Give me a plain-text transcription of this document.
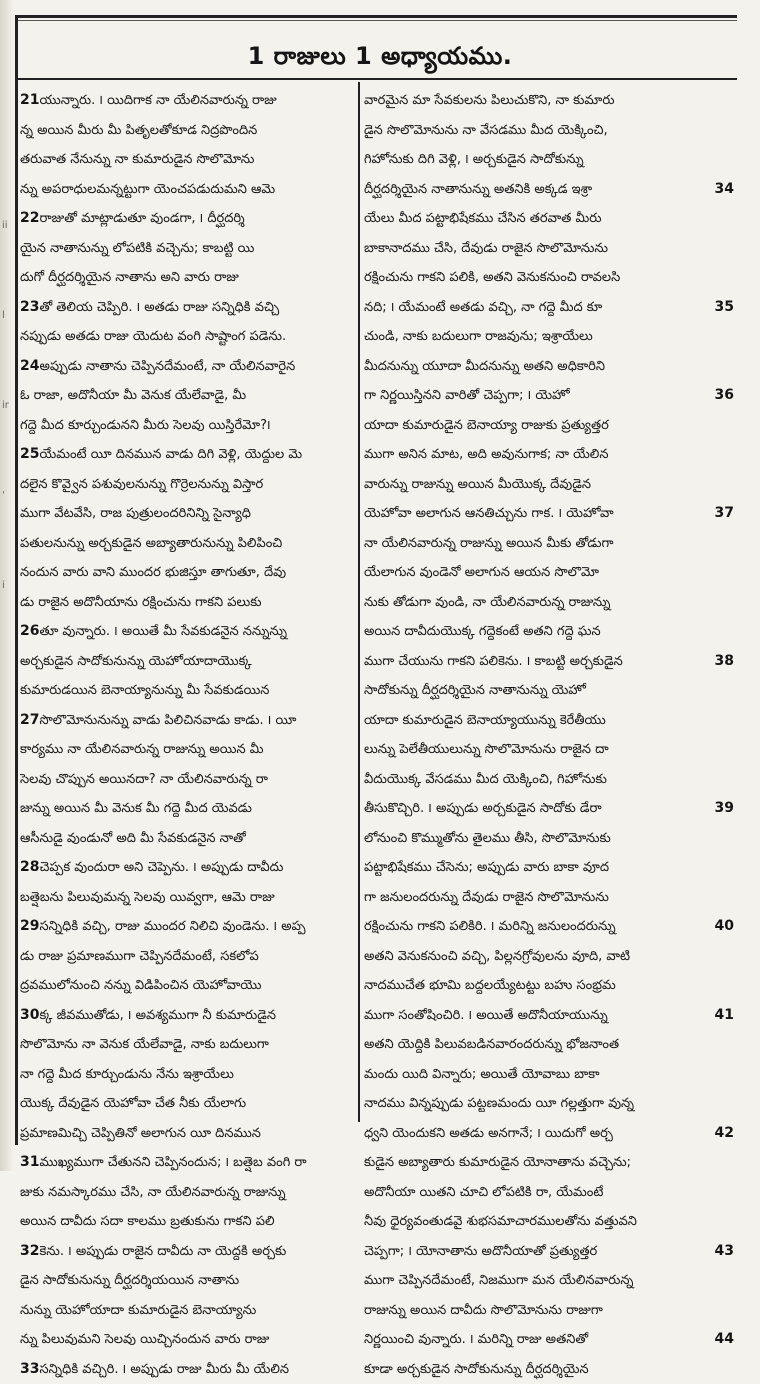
ii
l
ir
'
i
1 రాజులు 1 అధ్యాయము.
21యున్నారు. ౹ యిదిగాక నా యేలినవారున్న రాజు
న్న అయిన మీరు మీ పితృలతోకూడ నిద్రపొందిన
తరువాత నేనున్ను నా కుమారుడైన సొలొమోను
న్ను అపరాధులమన్నట్టుగా యెంచపడుదుమని ఆమె
22రాజుతో మాట్లాడుతూ వుండగా, ౹ దీర్ఘదర్శి
యైన నాతానున్ను లోపటికి వచ్చెను; కాబట్టి యి
దుగో దీర్ఘదర్శియైన నాతాను అని వారు రాజు
23తో తెలియ చెప్పిరి. ౹ అతడు రాజు సన్నిధికి వచ్చి
నప్పుడు అతడు రాజు యెదుట వంగి సాష్టాంగ పడెను.
24అప్పుడు నాతాను చెప్పినదేమంటే, నా యేలినవారైన
ఓ రాజా, అదొనీయా మీ వెనుక యేలేవాడై, మీ
గద్దె మీద కూర్చుండునని మీరు సెలవు యిస్తిరేమో?౹
25యేమంటే యీ దినమున వాడు దిగి వెళ్లి, యెద్దుల మె
దలైన కొవ్వైన పశువులనున్ను గొర్రెలనున్ను విస్తార
ముగా వేటవేసి, రాజ పుత్రులందరినిన్ని సైన్యాధి
పతులనున్ను అర్చకుడైన అబ్యాతారునున్ను పిలిపించి
నందున వారు వాని ముందర భుజిస్తూ తాగుతూ, దేవు
డు రాజైన అదొనీయాను రక్షించును గాకని పలుకు
26తూ వున్నారు. ౹ అయితే మీ సేవకుడనైన నన్నున్ను
అర్చకుడైన సాదోకునున్ను యెహోయాదాయొక్క
కుమారుడయిన బెనాయ్యానున్ను మీ సేవకుడయిన
27సొలొమోనునున్ను వాడు పిలిచినవాడు కాడు. ౹ యీ
కార్యము నా యేలినవారున్న రాజున్ను అయిన మీ
సెలవు చొప్పున అయినదా? నా యేలినవారున్న రా
జున్ను అయిన మీ వెనుక మీ గద్దె మీద యెవడు
ఆసీనుడై వుండునో అది మీ సేవకుడనైన నాతో
28చెప్పక వుందురా అని చెప్పెను. ౹ అప్పుడు దావీదు
బత్షెబను పిలువుమన్న సెలవు యివ్వగా, ఆమె రాజు
29సన్నిధికి వచ్చి, రాజు ముందర నిలిచి వుండెను. ౹ అప్ప
డు రాజు ప్రమాణముగా చెప్పినదేమంటే, సకలోప
ద్రవములోనుంచి నన్ను విడిపించిన యెహోవాయొ
30క్క జీవముతోడు, ౹ అవశ్యముగా నీ కుమారుడైన
సొలొమోను నా వెనుక యేలేవాడై, నాకు బదులుగా
నా గద్దె మీద కూర్చుండును నేను ఇశ్రాయేలు
యొక్క దేవుడైన యెహోవా చేత నీకు యేలాగు
ప్రమాణమిచ్చి చెప్పితినో అలాగున యీ దినమున
31ముఖ్యముగా చేతునని చెప్పినందున; ౹ బత్షెబ వంగి రా
జుకు నమస్కారము చేసి, నా యేలినవారున్న రాజున్ను
అయిన దావీదు సదా కాలము బ్రతుకును గాకని పలి
32కెను. ౹ అప్పుడు రాజైన దావీదు నా యెద్దకి అర్చకు
డైన సాదోకునున్ను దీర్ఘదర్శియయిన నాతాను
నున్ను యెహోయాదా కుమారుడైన బెనాయ్యాను
న్ను పిలువుమని సెలవు యిచ్చినందున వారు రాజు
33సన్నిధికి వచ్చిరి. ౹ అప్పుడు రాజు మీరు మీ యేలిన
వారమైన మా సేవకులను పిలుచుకొని, నా కుమారు
డైన సొలొమోనును నా వేసడము మీద యెక్కించి,
గిహోనుకు దిగి వెళ్లి, ౹ అర్చకుడైన సాదోకున్ను
దీర్ఘదర్శియైన నాతానున్ను అతనికి అక్కడ ఇశ్రా
యేలు మీద పట్టాభిషేకము చేసిన తరవాత మీరు
బాకానాదము చేసి, దేవుడు రాజైన సొలొమోనును
రక్షించును గాకని పలికి, అతని వెనుకనుంచి రావలసి
నది; ౹ యేమంటే అతడు వచ్చి, నా గద్దె మీద కూ
చుండి, నాకు బదులుగా రాజవును; ఇశ్రాయేలు
మీదనున్ను యూదా మీదనున్ను అతని అధికారిని
గా నిర్ణయిస్తినని వారితో చెప్పగా; ౹ యెహో
యాదా కుమారుడైన బెనాయ్యా రాజుకు ప్రత్యుత్తర
ముగా అనిన మాట, అది అవునుగాక; నా యేలిన
వారున్ను రాజున్ను అయిన మీయొక్క దేవుడైన
యెహోవా అలాగున ఆనతిచ్చును గాక. ౹ యెహోవా
నా యేలినవారున్న రాజున్ను అయిన మీకు తోడుగా
యేలాగున వుండెనో అలాగున ఆయన సొలొమో
నుకు తోడుగా వుండి, నా యేలినవారున్న రాజున్ను
అయిన దావీదుయొక్క గద్దెకంటే అతని గద్దె ఘన
ముగా చేయును గాకని పలికెను. ౹ కాబట్టి అర్చకుడైన
సాదోకున్ను దీర్ఘదర్శియైన నాతానున్ను యెహో
యాదా కుమారుడైన బెనాయ్యాయున్ను కెరేతీయు
లున్ను పెలేతీయులున్ను సొలొమోనును రాజైన దా
వీదుయొక్క వేసడము మీద యెక్కించి, గిహోనుకు
తీసుకొచ్చిరి. ౹ అప్పుడు అర్చకుడైన సాదోకు డేరా
లోనుంచి కొమ్ముతోను తైలము తీసి, సొలొమోనుకు
పట్టాభిషేకము చేసెను; అప్పుడు వారు బాకా వూద
గా జనులందరున్ను దేవుడు రాజైన సొలొమోనును
రక్షించును గాకని పలికిరి. ౹ మరిన్ని జనులందరున్ను
అతని వెనుకనుంచి వచ్చి, పిల్లనగ్రోవులను వూది, వాటి
నాదముచేత భూమి బద్దలయ్యేటట్టు బహు సంభ్రమ
ముగా సంతోషించిరి. ౹ అయితే అదొనీయాయున్ను
అతని యెద్దికి పిలువబడినవారందరున్ను భోజనాంత
మందు యిది విన్నారు; అయితే యోవాబు బాకా
నాదము విన్నప్పుడు పట్టణమందు యీ గల్లత్తుగా వున్న
ధ్వని యెందుకని అతడు అనగానే; ౹ యిదుగో అర్చ
కుడైన అబ్యాతారు కుమారుడైన యోనాతాను వచ్చెను;
అదొనీయా యితని చూచి లోపటికి రా, యేమంటే
నీవు ధైర్యవంతుడవై శుభసమాచారములతోను వత్తువని
చెప్పగా; ౹ యోనాతాను అదొనీయాతో ప్రత్యుత్తర
ముగా చెప్పినదేమంటే, నిజముగా మన యేలినవారున్న
రాజున్ను అయిన దావీదు సొలొమోనును రాజుగా
నిర్ణయించి వున్నారు. ౹ మరిన్ని రాజు అతనితో
కూడా అర్చకుడైన సాదోకునున్ను దీర్ఘదర్శియైన
34
35
36
37
38
39
40
41
42
43
44
